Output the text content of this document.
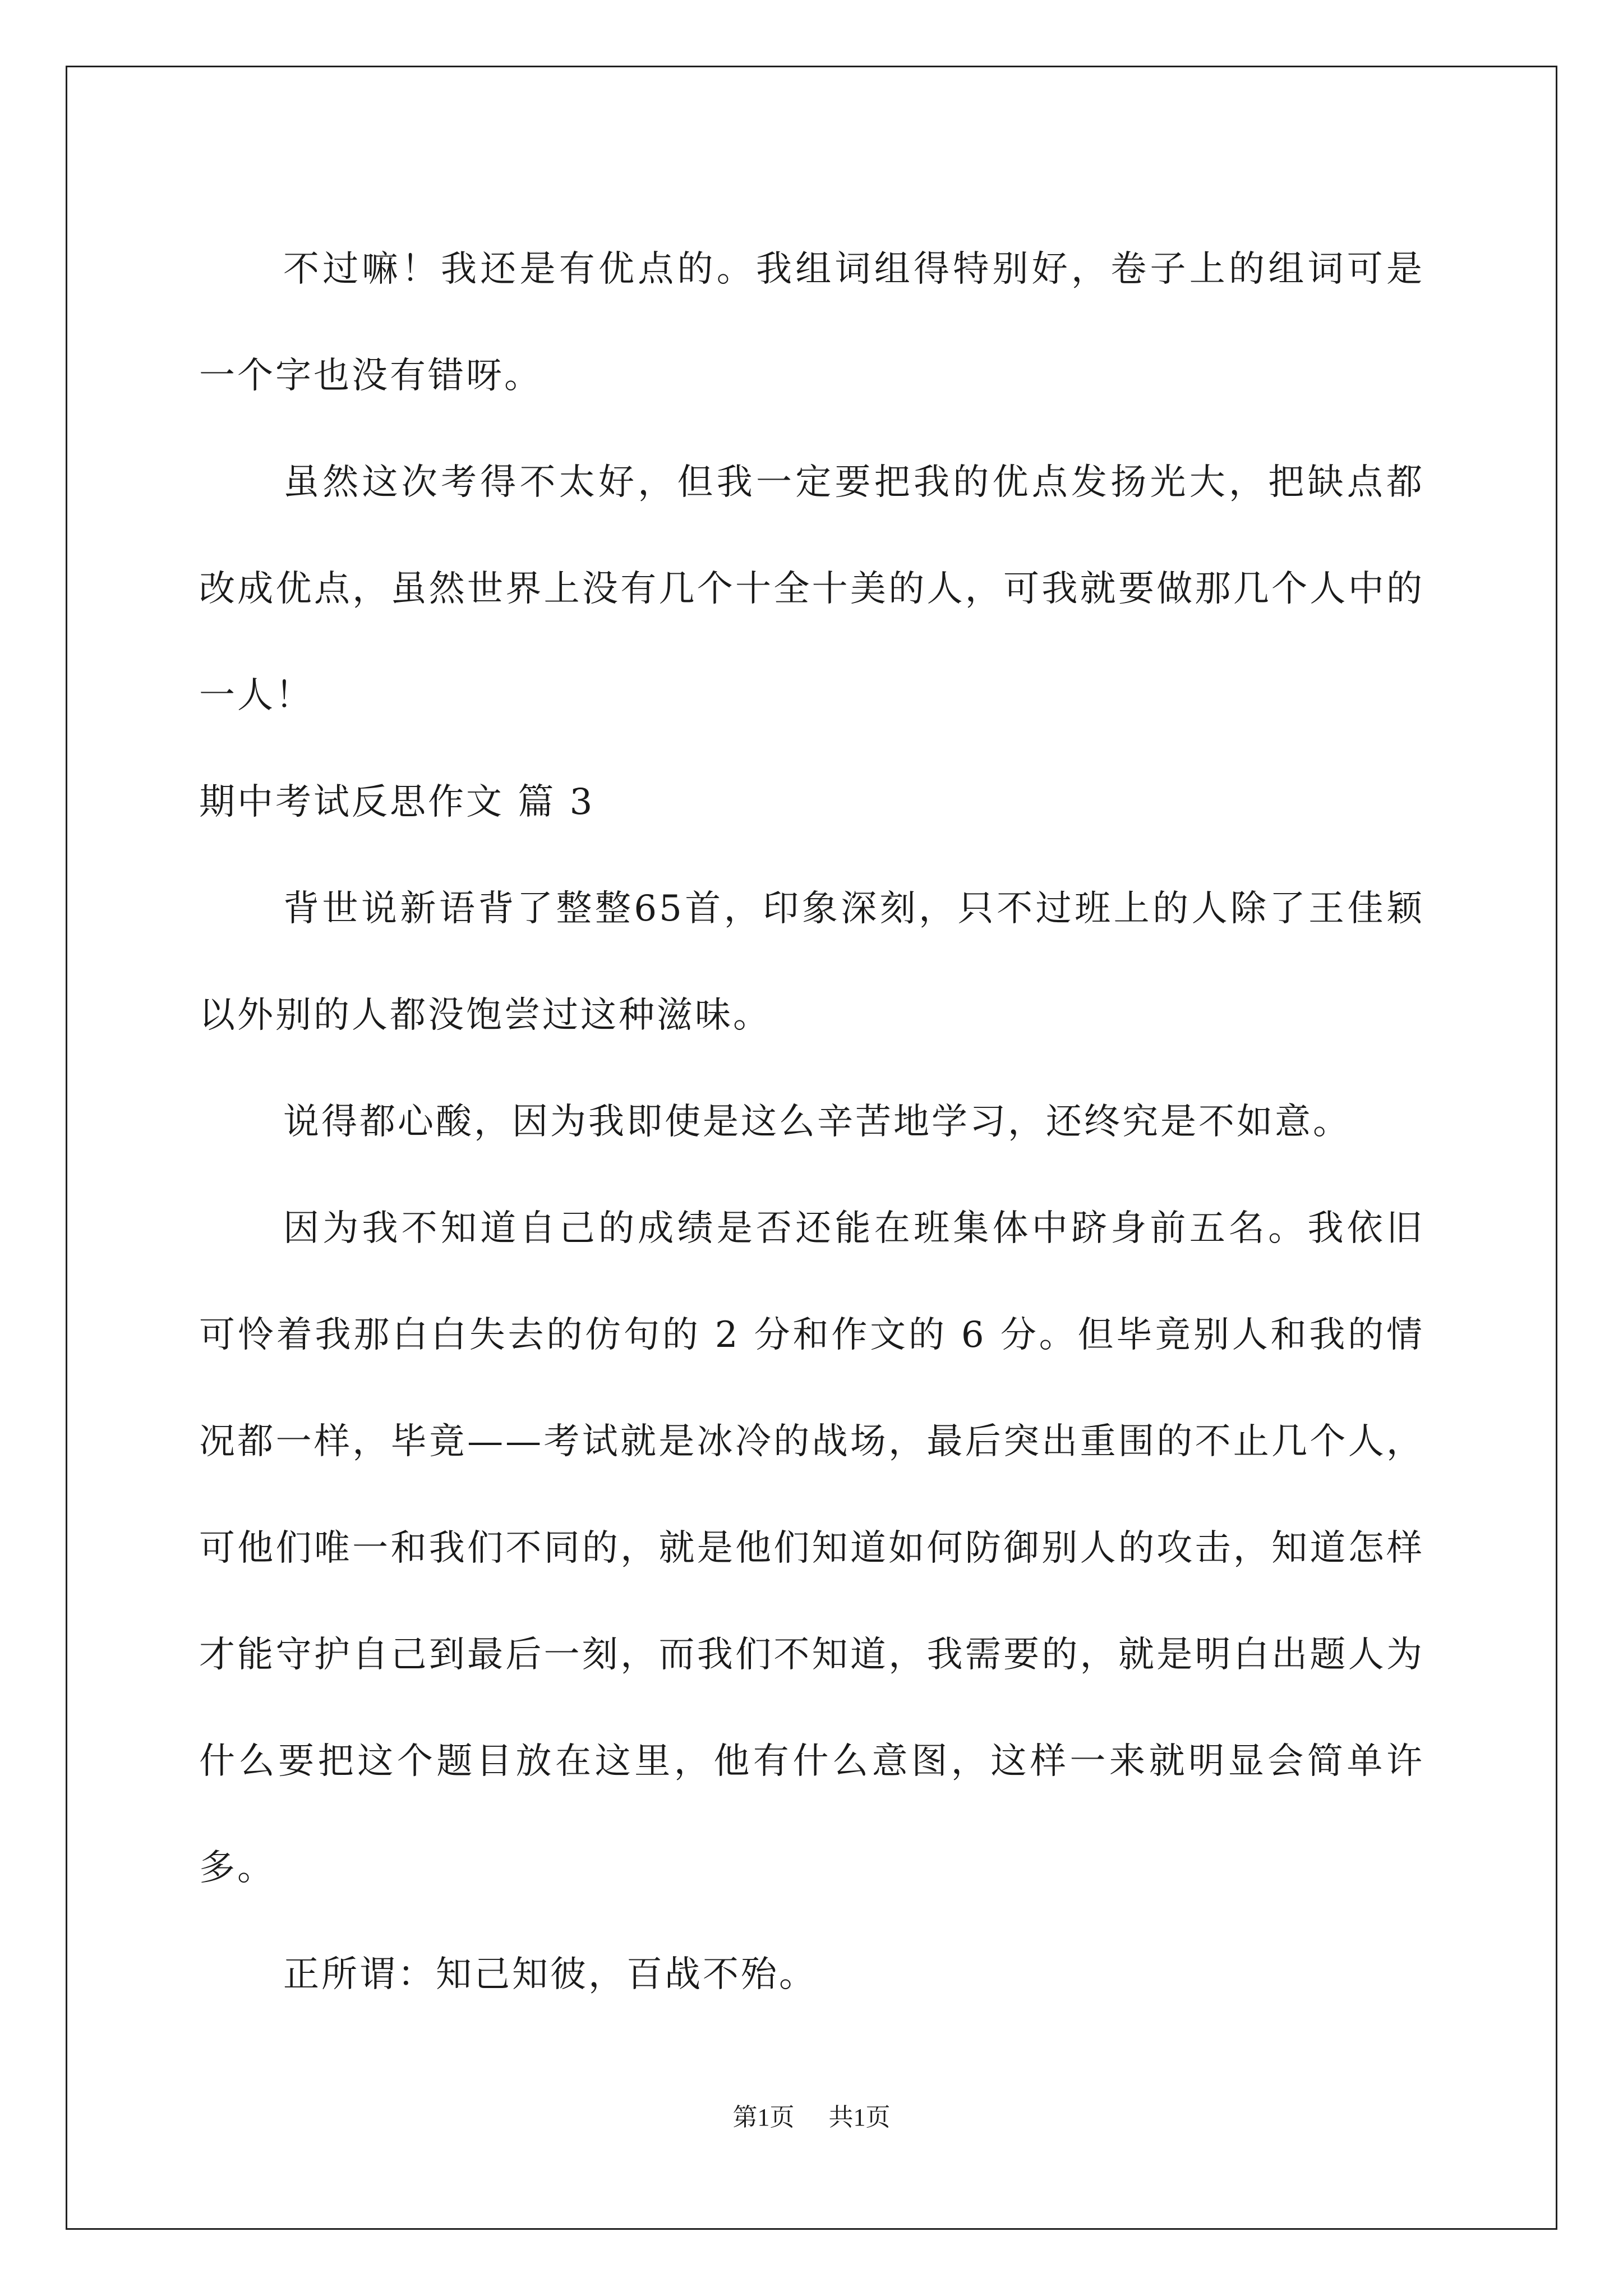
不过嘛！我还是有优点的。我组词组得特别好，卷子上的组词可是一个字也没有错呀。

虽然这次考得不太好，但我一定要把我的优点发扬光大，把缺点都改成优点，虽然世界上没有几个十全十美的人，可我就要做那几个人中的一人！

期中考试反思作文 篇 3

背世说新语背了整整65首，印象深刻，只不过班上的人除了王佳颖以外别的人都没饱尝过这种滋味。

说得都心酸，因为我即使是这么辛苦地学习，还终究是不如意。

因为我不知道自己的成绩是否还能在班集体中跻身前五名。我依旧可怜着我那白白失去的仿句的 2 分和作文的 6 分。但毕竟别人和我的情况都一样，毕竟——考试就是冰冷的战场，最后突出重围的不止几个人，可他们唯一和我们不同的，就是他们知道如何防御别人的攻击，知道怎样才能守护自己到最后一刻，而我们不知道，我需要的，就是明白出题人为什么要把这个题目放在这里，他有什么意图，这样一来就明显会简单许多。

正所谓：知己知彼，百战不殆。

第1页 共1页
